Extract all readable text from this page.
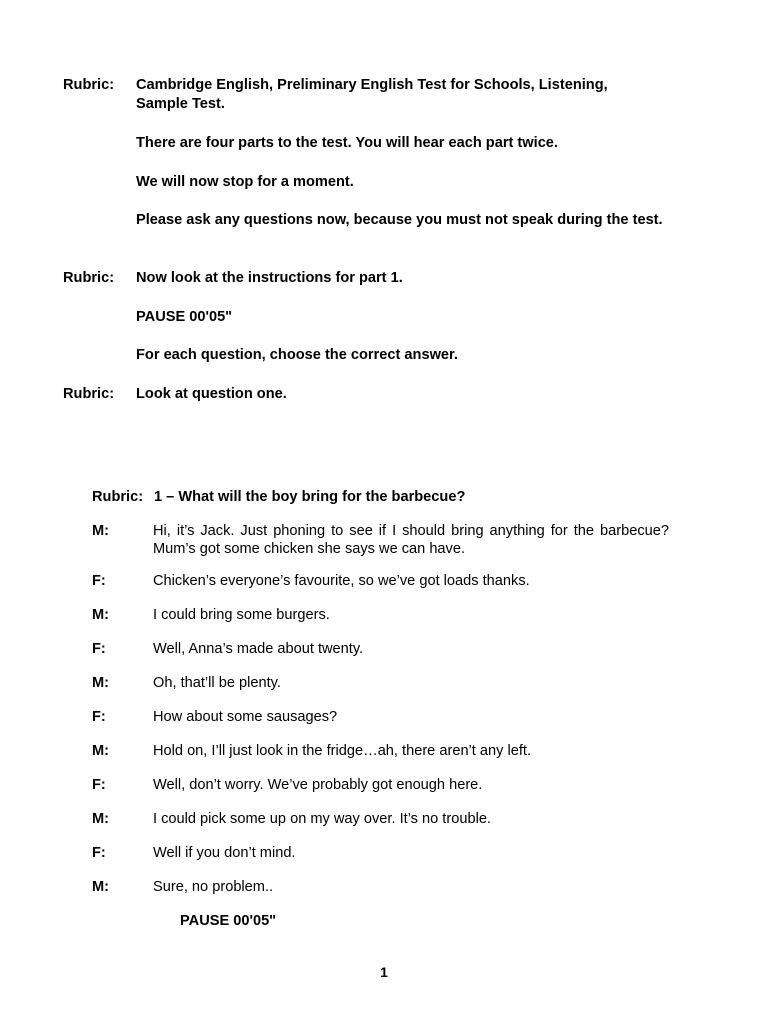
Rubric:	Cambridge English, Preliminary English Test for Schools, Listening,
Sample Test.
There are four parts to the test. You will hear each part twice.
We will now stop for a moment.
Please ask any questions now, because you must not speak during the test.
Rubric:	Now look at the instructions for part 1.
PAUSE 00'05"
For each question, choose the correct answer.
Rubric:	Look at question one.
Rubric: 1 – What will the boy bring for the barbecue?
M:	Hi, it’s Jack. Just phoning to see if I should bring anything for the barbecue? Mum’s got some chicken she says we can have.
F:	Chicken’s everyone’s favourite, so we’ve got loads thanks.
M:	I could bring some burgers.
F:	Well, Anna’s made about twenty.
M:	Oh, that’ll be plenty.
F:	How about some sausages?
M:	Hold on, I’ll just look in the fridge…ah, there aren’t any left.
F:	Well, don’t worry. We’ve probably got enough here.
M:	I could pick some up on my way over. It’s no trouble.
F:	Well if you don’t mind.
M:	Sure, no problem..
PAUSE 00'05"
1
